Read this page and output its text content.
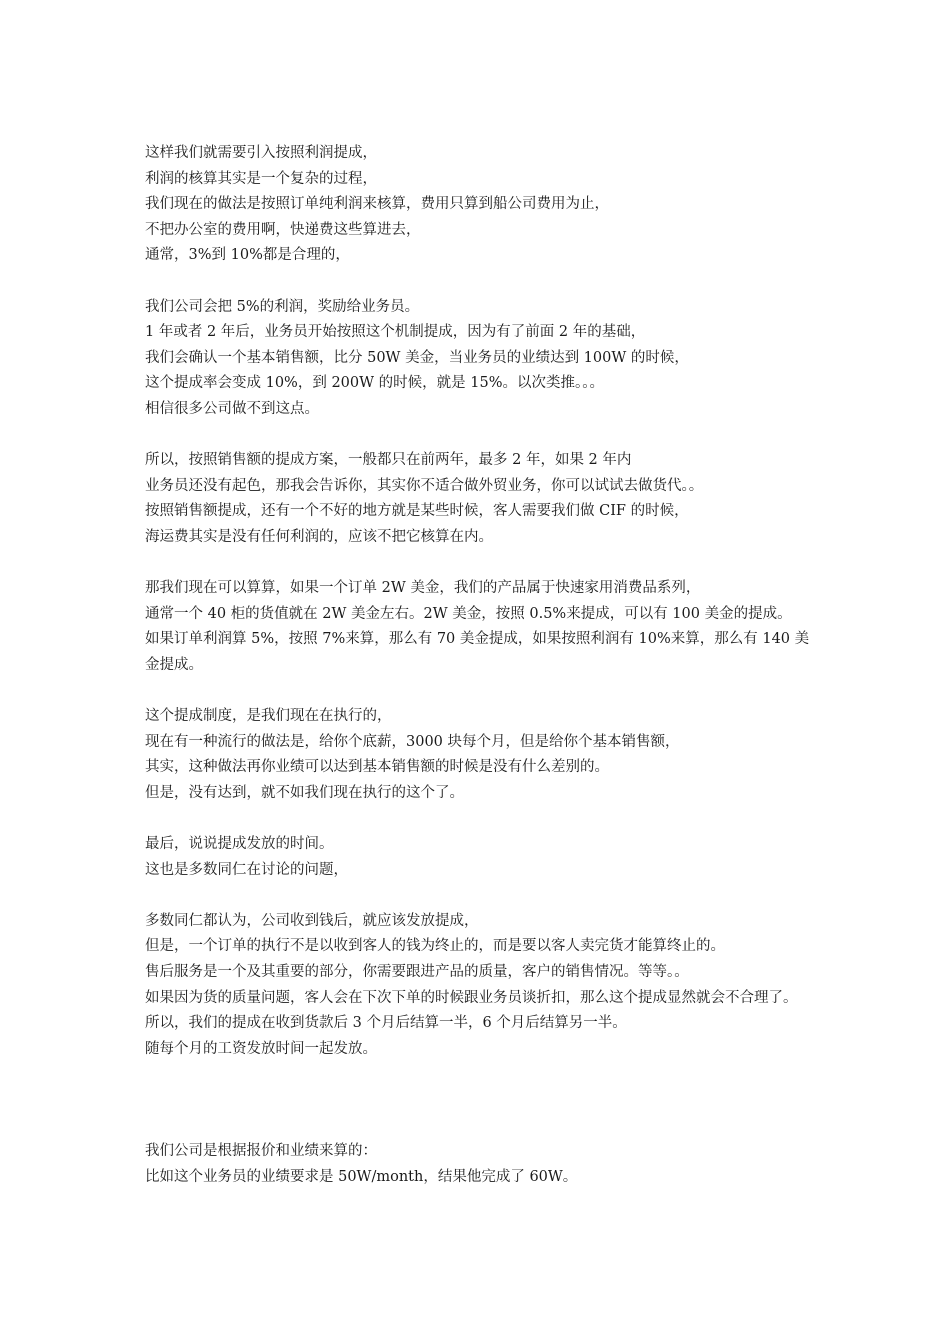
这样我们就需要引入按照利润提成，
利润的核算其实是一个复杂的过程，
我们现在的做法是按照订单纯利润来核算，费用只算到船公司费用为止，
不把办公室的费用啊，快递费这些算进去，
通常，3%到 10%都是合理的，
我们公司会把 5%的利润，奖励给业务员。
1 年或者 2 年后，业务员开始按照这个机制提成，因为有了前面 2 年的基础，
我们会确认一个基本销售额，比分 50W 美金，当业务员的业绩达到 100W 的时候，
这个提成率会变成 10%，到 200W 的时候，就是 15%。以次类推。。。
相信很多公司做不到这点。
所以，按照销售额的提成方案，一般都只在前两年，最多 2 年，如果 2 年内
业务员还没有起色，那我会告诉你，其实你不适合做外贸业务，你可以试试去做货代。。
按照销售额提成，还有一个不好的地方就是某些时候，客人需要我们做 CIF 的时候，
海运费其实是没有任何利润的，应该不把它核算在内。
那我们现在可以算算，如果一个订单 2W 美金，我们的产品属于快速家用消费品系列，
通常一个 40 柜的货值就在 2W 美金左右。2W 美金，按照 0.5%来提成，可以有 100 美金的提成。
如果订单利润算 5%，按照 7%来算，那么有 70 美金提成，如果按照利润有 10%来算，那么有 140 美金提成。
这个提成制度，是我们现在在执行的，
现在有一种流行的做法是，给你个底薪，3000 块每个月，但是给你个基本销售额，
其实，这种做法再你业绩可以达到基本销售额的时候是没有什么差别的。
但是，没有达到，就不如我们现在执行的这个了。
最后，说说提成发放的时间。
这也是多数同仁在讨论的问题，
多数同仁都认为，公司收到钱后，就应该发放提成，
但是，一个订单的执行不是以收到客人的钱为终止的，而是要以客人卖完货才能算终止的。
售后服务是一个及其重要的部分，你需要跟进产品的质量，客户的销售情况。等等。。
如果因为货的质量问题，客人会在下次下单的时候跟业务员谈折扣，那么这个提成显然就会不合理了。
所以，我们的提成在收到货款后 3 个月后结算一半，6 个月后结算另一半。
随每个月的工资发放时间一起发放。
我们公司是根据报价和业绩来算的：
比如这个业务员的业绩要求是 50W/month，结果他完成了 60W。
